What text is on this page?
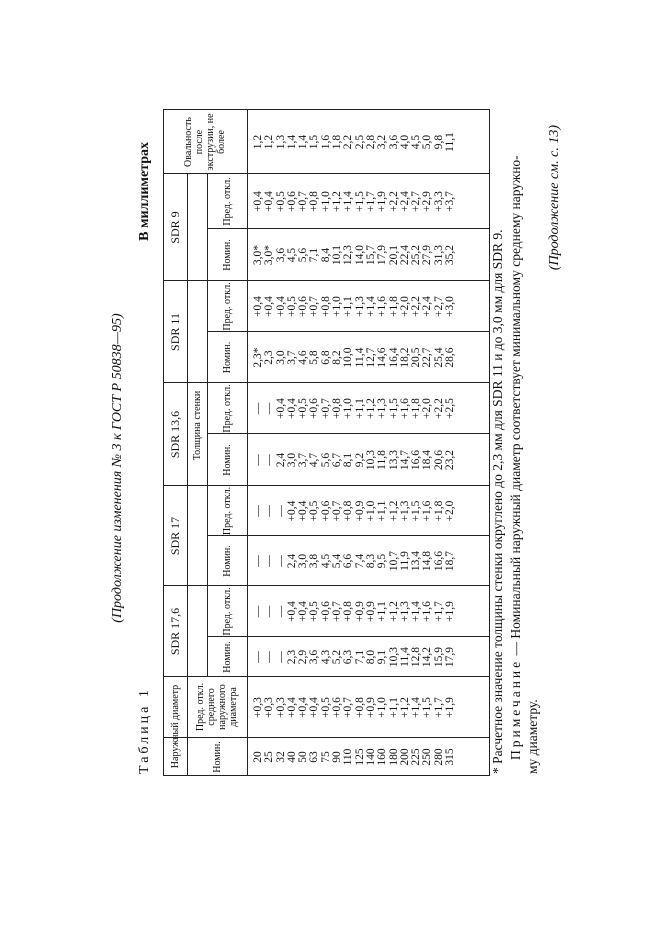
(Продолжение изменения № 3 к ГОСТ Р 50838—95)
Таблица 1
В миллиметрах
Наружный диаметр	Номин.
Пред. откл. среднего наружного диаметра
SDR 17,6
SDR 17
SDR 13,6
SDR 11
SDR 9
Толщина стенки
Овальность после экструзии, не более
Номин.
Пред. откл.
Номин.
Пред. откл.
Номин.
Пред. откл.
Номин.
Пред. откл.
Номин.
Пред. откл.
20 25 32 40 50 63 75 90 110 125 140 160 180 200 225 250 280 315
+0,3 +0,3 +0,3 +0,4 +0,4 +0,4 +0,5 +0,6 +0,7 +0,8 +0,9 +1,0 +1,1 +1,2 +1,4 +1,5 +1,7 +1,9
— — — 2,3 2,9 3,6 4,3 5,2 6,3 7,1 8,0 9,1 10,3 11,4 12,8 14,2 15,9 17,9
— — — +0,4 +0,4 +0,5 +0,6 +0,7 +0,8 +0,9 +0,9 +1,1 +1,2 +1,3 +1,4 +1,6 +1,7 +1,9
— — — 2,4 3,0 3,8 4,5 5,4 6,6 7,4 8,3 9,5 10,7 11,9 13,4 14,8 16,6 18,7
— — — +0,4 +0,4 +0,5 +0,6 +0,7 +0,8 +0,9 +1,0 +1,1 +1,2 +1,3 +1,5 +1,6 +1,8 +2,0
— — 2,4 3,0 3,7 4,7 5,6 6,7 8,1 9,2 10,3 11,8 13,3 14,7 16,6 18,4 20,6 23,2
— — +0,4 +0,4 +0,5 +0,6 +0,7 +0,8 +1,0 +1,1 +1,2 +1,3 +1,5 +1,6 +1,8 +2,0 +2,2 +2,5
2,3* 2,3 3,0 3,7 4,6 5,8 6,8 8,2 10,0 11,4 12,7 14,6 16,4 18,2 20,5 22,7 25,4 28,6
+0,4 +0,4 +0,4 +0,5 +0,6 +0,7 +0,8 +1,0 +1,1 +1,3 +1,4 +1,6 +1,8 +2,0 +2,2 +2,4 +2,7 +3,0
3,0* 3,0* 3,6 4,5 5,6 7,1 8,4 10,1 12,3 14,0 15,7 17,9 20,1 22,4 25,2 27,9 31,3 35,2
+0,4 +0,4 +0,5 +0,6 +0,7 +0,8 +1,0 +1,2 +1,4 +1,5 +1,7 +1,9 +2,2 +2,4 +2,7 +2,9 +3,3 +3,7
1,2 1,2 1,3 1,4 1,4 1,5 1,6 1,8 2,2 2,5 2,8 3,2 3,6 4,0 4,5 5,0 9,8 11,1
* Расчетное значение толщины стенки округлено до 2,3 мм для SDR 11 и до 3,0 мм для SDR 9. Примечание — Номинальный наружный диаметр соответствует минимальному среднему наружно-
му диаметру.
(Продолжение см. с. 13)
